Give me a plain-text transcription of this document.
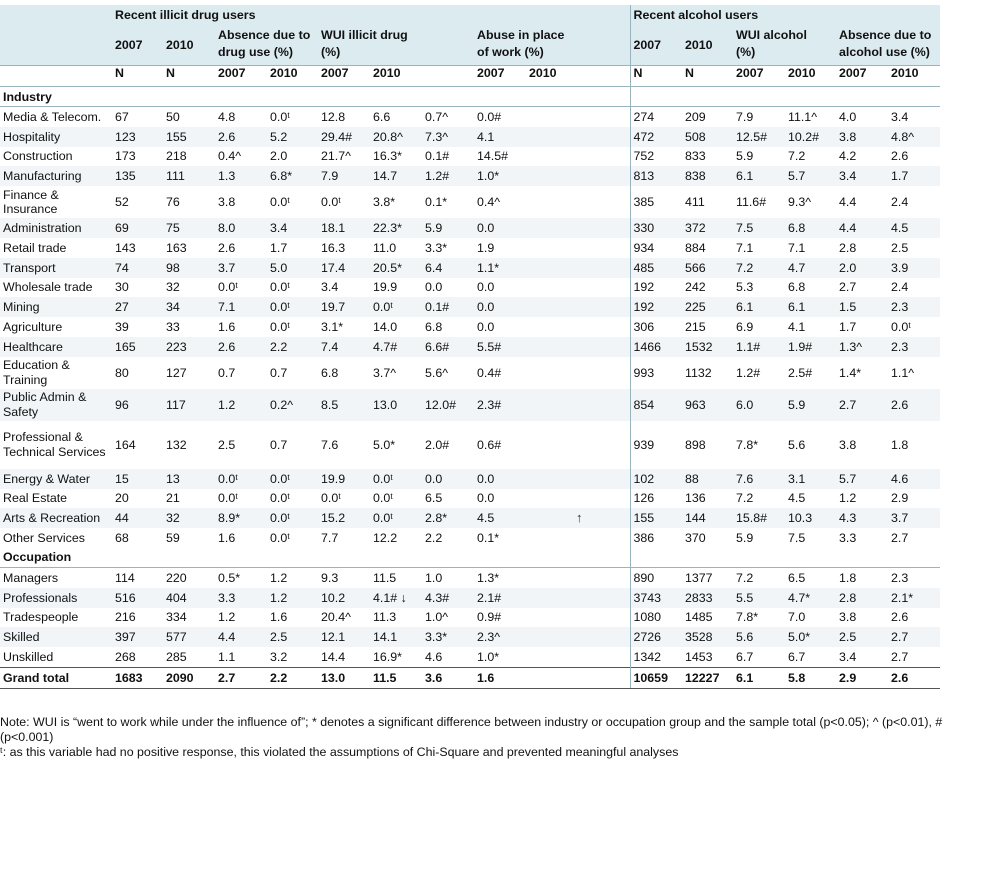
	Recent illicit drug users									Recent alcohol users					
	2007	2010	Absence due to		WUI illicit drug			Abuse in place		2007	2010	WUI alcohol		Absence due to	
			drug use (%)		(%)			of work (%)				(%)		alcohol use (%)	
	N	N	2007	2010	2007	2010		2007	2010	N	N	2007	2010	2007	2010
Industry															
Media & Telecom.	67	50	4.8	0.0ᵗ	12.8	6.6	0.7^	0.0#		274	209	7.9	11.1^	4.0	3.4
Hospitality	123	155	2.6	5.2	29.4#	20.8^	7.3^	4.1		472	508	12.5#	10.2#	3.8	4.8^
Construction	173	218	0.4^	2.0	21.7^	16.3*	0.1#	14.5#		752	833	5.9	7.2	4.2	2.6
Manufacturing	135	111	1.3	6.8*	7.9	14.7	1.2#	1.0*		813	838	6.1	5.7	3.4	1.7
Finance & Insurance	52	76	3.8	0.0ᵗ	0.0ᵗ	3.8*	0.1*	0.4^		385	411	11.6#	9.3^	4.4	2.4
Administration	69	75	8.0	3.4	18.1	22.3*	5.9	0.0		330	372	7.5	6.8	4.4	4.5
Retail trade	143	163	2.6	1.7	16.3	11.0	3.3*	1.9		934	884	7.1	7.1	2.8	2.5
Transport	74	98	3.7	5.0	17.4	20.5*	6.4	1.1*		485	566	7.2	4.7	2.0	3.9
Wholesale trade	30	32	0.0ᵗ	0.0ᵗ	3.4	19.9	0.0	0.0		192	242	5.3	6.8	2.7	2.4
Mining	27	34	7.1	0.0ᵗ	19.7	0.0ᵗ	0.1#	0.0		192	225	6.1	6.1	1.5	2.3
Agriculture	39	33	1.6	0.0ᵗ	3.1*	14.0	6.8	0.0		306	215	6.9	4.1	1.7	0.0ᵗ
Healthcare	165	223	2.6	2.2	7.4	4.7#	6.6#	5.5#		1466	1532	1.1#	1.9#	1.3^	2.3
Education & Training	80	127	0.7	0.7	6.8	3.7^	5.6^	0.4#		993	1132	1.2#	2.5#	1.4*	1.1^
Public Admin & Safety	96	117	1.2	0.2^	8.5	13.0	12.0#	2.3#		854	963	6.0	5.9	2.7	2.6
Professional & Technical Services	164	132	2.5	0.7	7.6	5.0*	2.0#	0.6#		939	898	7.8*	5.6	3.8	1.8
Energy & Water	15	13	0.0ᵗ	0.0ᵗ	19.9	0.0ᵗ	0.0	0.0		102	88	7.6	3.1	5.7	4.6
Real Estate	20	21	0.0ᵗ	0.0ᵗ	0.0ᵗ	0.0ᵗ	6.5	0.0		126	136	7.2	4.5	1.2	2.9
Arts & Recreation	44	32	8.9*	0.0ᵗ	15.2	0.0ᵗ	2.8*	4.5	↑	155	144	15.8#	10.3	4.3	3.7
Other Services	68	59	1.6	0.0ᵗ	7.7	12.2	2.2	0.1*		386	370	5.9	7.5	3.3	2.7
Occupation															
Managers	114	220	0.5*	1.2	9.3	11.5	1.0	1.3*		890	1377	7.2	6.5	1.8	2.3
Professionals	516	404	3.3	1.2	10.2	4.1# ↓	4.3#	2.1#		3743	2833	5.5	4.7*	2.8	2.1*
Tradespeople	216	334	1.2	1.6	20.4^	11.3	1.0^	0.9#		1080	1485	7.8*	7.0	3.8	2.6
Skilled	397	577	4.4	2.5	12.1	14.1	3.3*	2.3^		2726	3528	5.6	5.0*	2.5	2.7
Unskilled	268	285	1.1	3.2	14.4	16.9*	4.6	1.0*		1342	1453	6.7	6.7	3.4	2.7
Grand total	1683	2090	2.7	2.2	13.0	11.5	3.6	1.6		10659	12227	6.1	5.8	2.9	2.6

Note: WUI is “went to work while under the influence of”; * denotes a significant difference between industry or occupation group and the sample total (p<0.05); ^ (p<0.01), # (p<0.001)

ᵗ: as this variable had no positive response, this violated the assumptions of Chi-Square and prevented meaningful analyses
